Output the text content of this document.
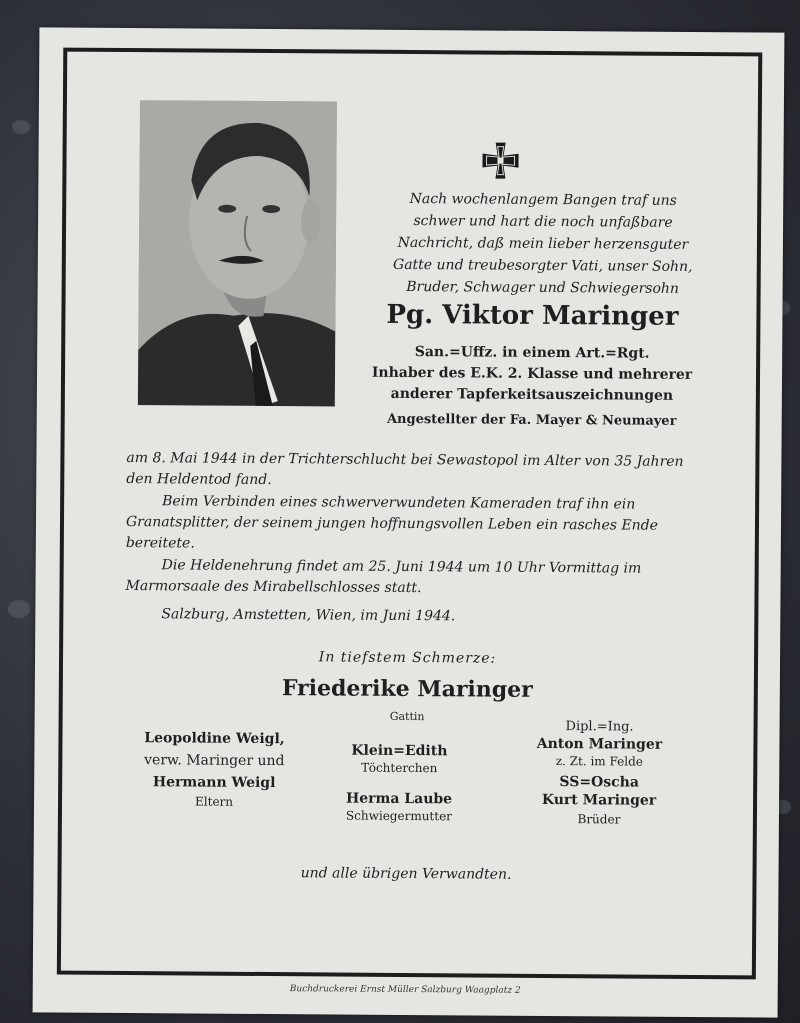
Nach wochenlangem Bangen traf uns schwer und hart die noch unfaßbare Nachricht, daß mein lieber herzensguter Gatte und treubesorgter Vati, unser Sohn, Bruder, Schwager und Schwiegersohn
Pg. Viktor Maringer
San.=Uffz. in einem Art.=Rgt.
Inhaber des E.K. 2. Klasse und mehrerer
anderer Tapferkeitsauszeichnungen
Angestellter der Fa. Mayer & Neumayer
am 8. Mai 1944 in der Trichterschlucht bei Sewastopol im Alter von 35 Jahren den Heldentod fand.
Beim Verbinden eines schwerverwundeten Kameraden traf ihn ein Granatsplitter, der seinem jungen hoffnungsvollen Leben ein rasches Ende bereitete.
Die Heldenehrung findet am 25. Juni 1944 um 10 Uhr Vormittag im Marmorsaale des Mirabellschlosses statt.
Salzburg, Amstetten, Wien, im Juni 1944.
In tiefstem Schmerze:
Friederike Maringer
Gattin
Leopoldine Weigl,
verw. Maringer und
Hermann Weigl
Eltern
Klein=Edith
Töchterchen
Herma Laube
Schwiegermutter
Dipl.=Ing.
Anton Maringer
z. Zt. im Felde
SS=Oscha
Kurt Maringer
Brüder
und alle übrigen Verwandten.
Buchdruckerei Ernst Müller Salzburg Waagplatz 2
